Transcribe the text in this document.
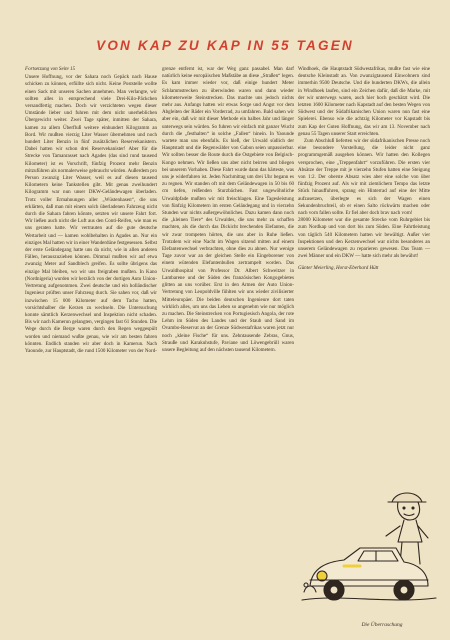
VON KAP ZU KAP IN 55 TAGEN

Fortsetzung von Seite 15

Unsere Hoffnung, vor der Sahara noch Gepäck nach Hause schicken zu können, erfüllte sich nicht. Keine Poststelle wollte einen Sack mit unseren Sachen annehmen. Man verlangte, wir sollten alles in entsprechend viele Drei-Kilo-Päckchen versandfertig machen. Doch wir verzichteten wegen dieser Umstände lieber und fuhren mit dem nicht unerheblichen Übergewicht weiter. Zwei Tage später, inmitten der Sahara, kamen zu allem Überfluß weitere einhundert Kilogramm an Bord. Wir mußten vierzig Liter Wasser übernehmen und noch hundert Liter Benzin in fünf zusätzlichen Reservekanistern. Dabei hatten wir schon drei Reservekanister! Aber für die Strecke von Tamanrasset nach Agades (das sind rund tausend Kilometer) ist es Vorschrift, fünfzig Prozent mehr Benzin mitzuführen als normalerweise gebraucht würden. Außerdem pro Person zwanzig Liter Wasser, weil es auf diesen tausend Kilometern keine Tankstellen gibt. Mit genau zweihundert Kilogramm war nun unser DKW-Geländewagen überladen. Trotz voller Ermahnungen aller „Wüstenhasen“, die uns erklärten, daß man mit einem solch überladenen Fahrzeug nicht durch die Sahara fahren könnte, setzten wir unsere Fahrt fort. Wir ließen auch nicht die Luft aus den Conti-Reifen, wie man es uns geraten hatte. Wir vertrauten auf die gute deutsche Wertarbeit und — kamen wohlbehalten in Agades an. Nur ein einziges Mal hatten wir in einer Wanderdüne festgesessen. Selbst der erste Geländegang hatte uns da nicht, wie in allen anderen Fällen, herauszuziehen können. Dimmal mußten wir auf etwa zwanzig Meter auf Sandblech greifen. Es sollte übrigens das einzige Mal bleiben, wo wir uns freigraben mußten. In Kano (Nordnigeria) wurden wir herzlich von der dortigen Auto Union-Vertretung aufgenommen. Zwei deutsche und ein holländischer Ingenieur prüften unser Fahrzeug durch. Sie sahen vor, daß wir inzwischen 15 000 Kilometer auf dem Tacho hatten, vorsichtshalber die Kerzen zu wechseln. Die Untersuchung konnte sämtlich Kerzenwechsel und Inspektion nicht schaden. Bis wir nach Kamerun gelangten, vergingen fast 61 Stunden. Die Wege durch die Berge waren durch den Regen weggespült worden und niemand wußte genau, wie wir am besten fahren könnten. Endlich standen wir aber doch in Kamerun. Nach Yaounde, zur Hauptstadt, die rund 1500 Kilometer von der Nord-

grenze entfernt ist, war der Weg ganz passabel. Man darf natürlich keine europäischen Maßstäbe an diese „Straßen“ legen. Es kam immer wieder vor, daß einige hundert Meter Schlammstrecken zu überwinden waren und dann wieder kilometerweite Steinstrecken. Das machte uns jedoch nichts mehr aus. Anfangs hatten wir etwas Sorge und Angst vor dem Abgleiten der Räder ein Vorderrad, zu umfahren. Bald sahen wir aber ein, daß wir mit dieser Methode ein halbes Jahr und länger unterwegs sein würden. So fuhren wir einfach mit ganzer Wucht durch die „festhalten“ in solche „Fallen“ hinein. In Yaounde wartete man uns ebenfalls. Es hieß, der Urwald südlich der Hauptstadt und die Regenwälder von Gabon seien unpassierbar. Wir sollten besser die Route durch die Ostgebiete von Belgisch-Kongo nehmen. Wir ließen uns aber nicht beirren und bliegen bei unserem Vorhaben. Diese Fahrt wurde dann das härteste, was uns je widerfahren ist. Jeden Nachmittag um drei Uhr begann es zu regnen. Wir standen oft mit dem Geländewagen in 50 bis 60 cm tiefen, reißenden Sturzbächen. Fast ungewöhnliche Urwaldpfade mußten wir mit freischlagen. Eine Tagesleistung von fünfzig Kilometern im ersten Geländegang und in vierzehn Stunden war nichts außergewöhnliches. Dazu kamen dann noch die „kleinen Tiere“ des Urwaldes, die uns mehr zu schaffen machten, als die durch das Dickicht brechenden Elefanten, die wir zwar trompeten hörten, die uns aber in Ruhe ließen. Trotzdem wir eine Nacht im Wagen sitzend mitten auf einem Elefantenwechsel verbrachten, ohne dies zu ahnen. Nur wenige Tage zuvor war an der gleichen Stelle ein Eingeborener von einem wütenden Elefantenbullen zertrampelt worden. Das Urwaldhospital von Professor Dr. Albert Schweitzer in Lambarene und der Süden des französischen Kongogebietes glitten an uns vorüber. Erst in den Armen der Auto Union-Vertretung von Leopoldville fühlten wir uns wieder zivilisierter Mitteleuropäer. Die beiden deutschen Ingenieure dort taten wirklich alles, um uns das Leben so angenehm wie nur möglich zu machen. Die Steinstrecken von Portugiesisch Angola, der rote Lehm im Süden des Landes und der Staub und Sand im Ovambo-Reservat an der Grenze Südwestafrikas waren jetzt nur noch „kleine Fische“ für uns. Zehntausende Zebras, Gnus, Strauße und Karakuhstufe, Paviane und Löwengebrüll waren unsere Begleitung auf den nächsten tausend Kilometern.

Windhoek, die Hauptstadt Südwestafrikas, mußte fast wie eine deutsche Kleinstadt an. Von zwanzigtausend Einwohnern sind immerhin 9500 Deutsche. Und die hunderten DKWs, die allein in Windhoek laufen, sind ein Zeichen dafür, daß die Marke, mit der wir unterwegs waren, auch hier hoch geschätzt wird. Die letzten 1600 Kilometer nach Kapstadt auf den besten Wegen von Südwest und der Südafrikanischen Union waren nun fast eine Spielerei. Ebenso wie die achtzig Kilometer vor Kapstadt bis zum Kap der Guten Hoffnung, das wir am 13. November nach genau 55 Tagen unserer Start erreichten.

Zum Abschluß lieferten wir der südafrikanischen Presse noch eine besondere Vorstellung, die leider nicht ganz programmgemäß ausgehen können. Wir hatten den Kollegen versprochen, eine „Treppenfahrt“ vorzuführen. Die ersten vier Absätze der Treppe mit je vierzehn Stufen hatten eine Steigung von 1:2. Der oberste Absatz wies aber eine solche von über fünfzig Prozent auf. Als wir mit ziemlichem Tempo das letzte Stück hinauffuhren, sprang ein Hinterrad auf eine der Mitte aufzusetzen, überlegte es sich der Wagen einen Sekundenbruchteil, ob er einen Salto rückwärts machen oder nach vorn fallen sollte. Er fiel aber doch brav nach vorn!

28000 Kilometer war die gesamte Strecke vom Ruhrgebiet bis zum Nordkap und von dort bis zum Süden. Eine Fahrtleistung von täglich 540 Kilometern hatten wir bewältigt. Außer vier Inspektionen und den Kerzenwechsel war nichts besonderes an unserem Geländewagen zu reparieren gewesen. Das Team — zwei Männer und ein DKW — hatte sich mehr als bewährt!

Günter Meierling, Horst-Eberhard Hütt

Die Überraschung
